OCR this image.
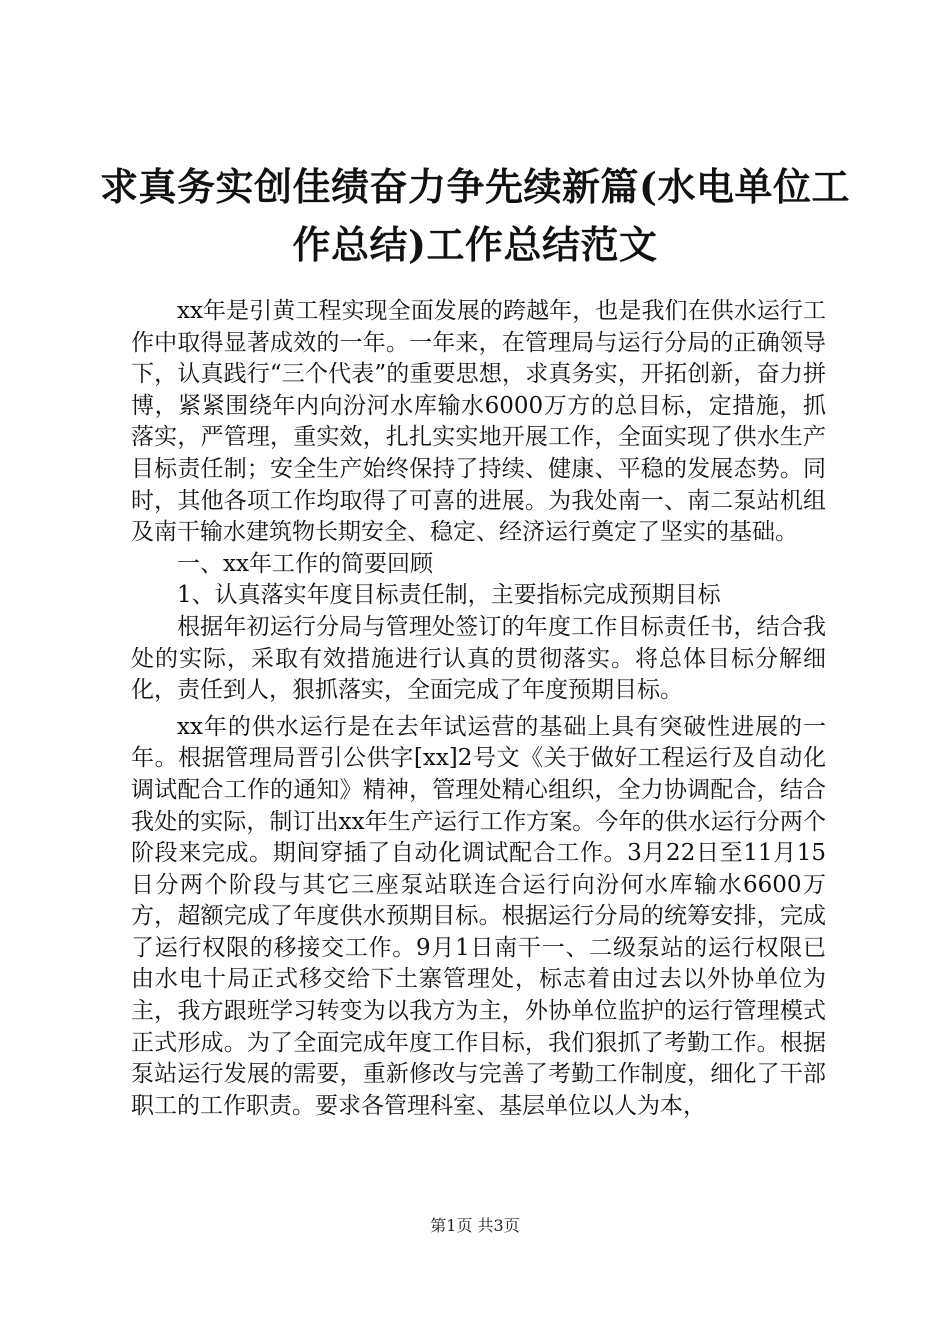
求真务实创佳绩奋力争先续新篇(水电单位工
作总结)工作总结范文

xx年是引黄工程实现全面发展的跨越年，也是我们在供水运行工作中取得显著成效的一年。一年来，在管理局与运行分局的正确领导下，认真践行“三个代表”的重要思想，求真务实，开拓创新，奋力拼博，紧紧围绕年内向汾河水库输水6000万方的总目标，定措施，抓落实，严管理，重实效，扎扎实实地开展工作，全面实现了供水生产目标责任制；安全生产始终保持了持续、健康、平稳的发展态势。同时，其他各项工作均取得了可喜的进展。为我处南一、南二泵站机组及南干输水建筑物长期安全、稳定、经济运行奠定了坚实的基础。

一、xx年工作的简要回顾

1、认真落实年度目标责任制，主要指标完成预期目标

根据年初运行分局与管理处签订的年度工作目标责任书，结合我处的实际，采取有效措施进行认真的贯彻落实。将总体目标分解细化，责任到人，狠抓落实，全面完成了年度预期目标。

xx年的供水运行是在去年试运营的基础上具有突破性进展的一年。根据管理局晋引公供字[xx]2号文《关于做好工程运行及自动化调试配合工作的通知》精神，管理处精心组织，全力协调配合，结合我处的实际，制订出xx年生产运行工作方案。今年的供水运行分两个阶段来完成。期间穿插了自动化调试配合工作。3月22日至11月15日分两个阶段与其它三座泵站联连合运行向汾何水库输水6600万方，超额完成了年度供水预期目标。根据运行分局的统筹安排，完成了运行权限的移接交工作。9月1日南干一、二级泵站的运行权限已由水电十局正式移交给下土寨管理处，标志着由过去以外协单位为主，我方跟班学习转变为以我方为主，外协单位监护的运行管理模式正式形成。为了全面完成年度工作目标，我们狠抓了考勤工作。根据泵站运行发展的需要，重新修改与完善了考勤工作制度，细化了干部职工的工作职责。要求各管理科室、基层单位以人为本，

第1页 共3页
